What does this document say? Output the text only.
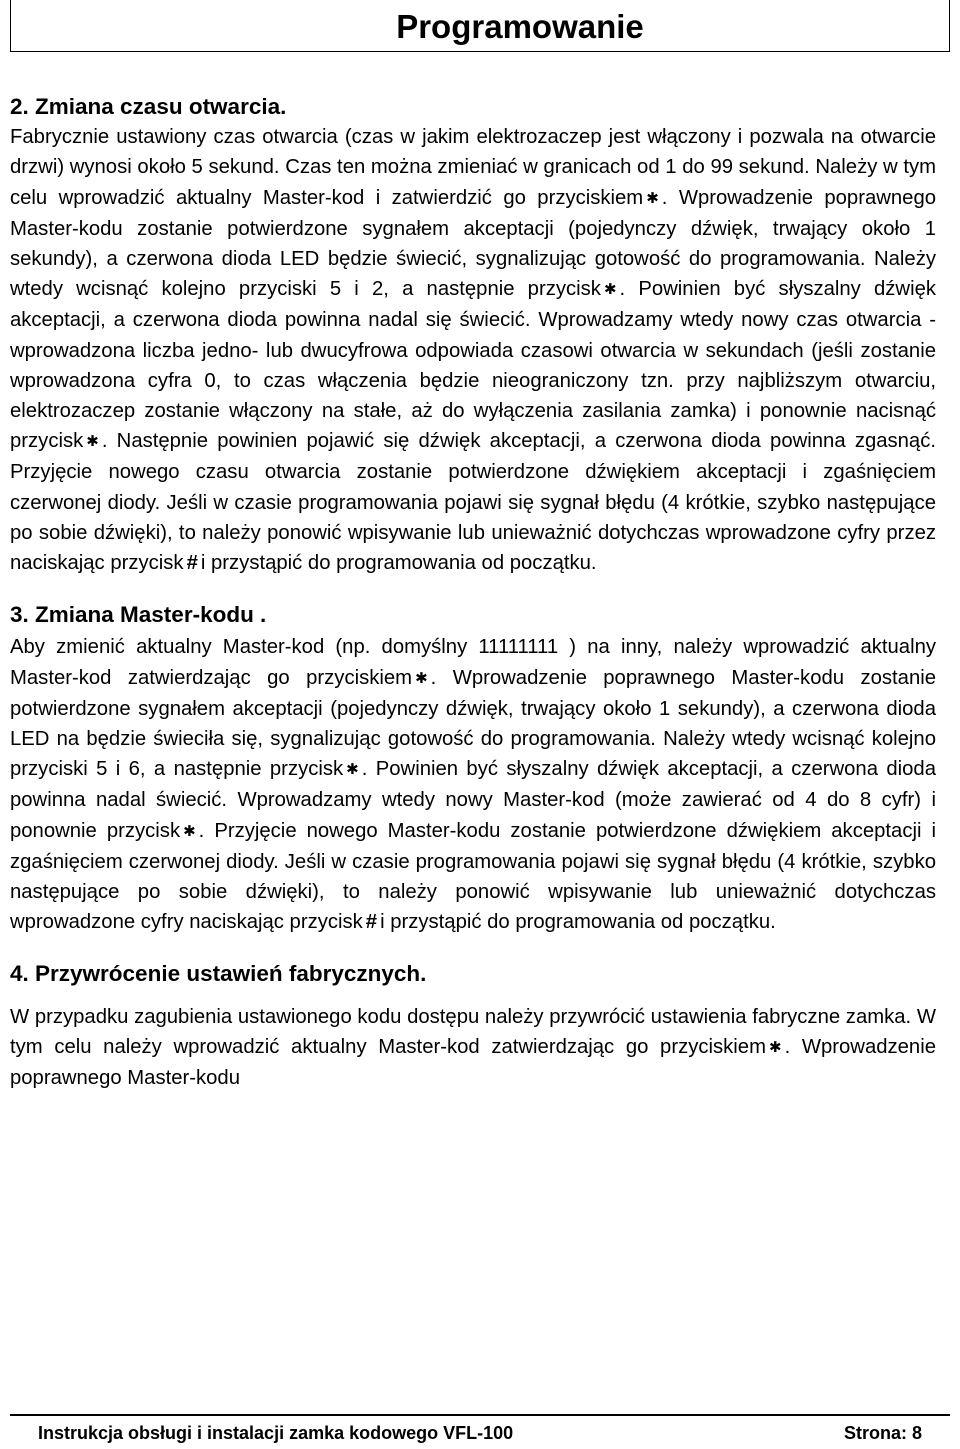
Programowanie
2. Zmiana czasu otwarcia.

Fabrycznie ustawiony czas otwarcia (czas w jakim elektrozaczep jest włączony i pozwala na otwarcie drzwi) wynosi około 5 sekund. Czas ten można zmieniać w granicach od 1 do 99 sekund. Należy w tym celu wprowadzić aktualny Master-kod i zatwierdzić go przyciskiem ✱ . Wprowadzenie poprawnego Master-kodu zostanie potwierdzone sygnałem akceptacji (pojedynczy dźwięk, trwający około 1 sekundy), a czerwona dioda LED będzie świecić, sygnalizując gotowość do programowania. Należy wtedy wcisnąć kolejno przyciski 5 i 2, a następnie przycisk ✱ . Powinien być słyszalny dźwięk akceptacji, a czerwona dioda powinna nadal się świecić. Wprowadzamy wtedy nowy czas otwarcia - wprowadzona liczba jedno- lub dwucyfrowa odpowiada czasowi otwarcia w sekundach (jeśli zostanie wprowadzona cyfra 0, to czas włączenia będzie nieograniczony tzn. przy najbliższym otwarciu, elektrozaczep zostanie włączony na stałe, aż do wyłączenia zasilania zamka) i ponownie nacisnąć przycisk ✱ . Następnie powinien pojawić się dźwięk akceptacji, a czerwona dioda powinna zgasnąć. Przyjęcie nowego czasu otwarcia zostanie potwierdzone dźwiękiem akceptacji i zgaśnięciem czerwonej diody. Jeśli w czasie programowania pojawi się sygnał błędu (4 krótkie, szybko następujące po sobie dźwięki), to należy ponowić wpisywanie lub unieważnić dotychczas wprowadzone cyfry przez naciskając przycisk # i przystąpić do programowania od początku.

3. Zmiana Master-kodu .

Aby zmienić aktualny Master-kod (np. domyślny 11111111 ) na inny, należy wprowadzić aktualny Master-kod zatwierdzając go przyciskiem ✱ . Wprowadzenie poprawnego Master-kodu zostanie potwierdzone sygnałem akceptacji (pojedynczy dźwięk, trwający około 1 sekundy), a czerwona dioda LED na będzie świeciła się, sygnalizując gotowość do programowania. Należy wtedy wcisnąć kolejno przyciski 5 i 6, a następnie przycisk ✱ . Powinien być słyszalny dźwięk akceptacji, a czerwona dioda powinna nadal świecić. Wprowadzamy wtedy nowy Master-kod (może zawierać od 4 do 8 cyfr) i ponownie przycisk ✱ . Przyjęcie nowego Master-kodu zostanie potwierdzone dźwiękiem akceptacji i zgaśnięciem czerwonej diody. Jeśli w czasie programowania pojawi się sygnał błędu (4 krótkie, szybko następujące po sobie dźwięki), to należy ponowić wpisywanie lub unieważnić dotychczas wprowadzone cyfry naciskając przycisk # i przystąpić do programowania od początku.

4. Przywrócenie ustawień fabrycznych.

W przypadku zagubienia ustawionego kodu dostępu należy przywrócić ustawienia fabryczne zamka. W tym celu należy wprowadzić aktualny Master-kod zatwierdzając go przyciskiem ✱ . Wprowadzenie poprawnego Master-kodu

Instrukcja obsługi i instalacji zamka kodowego VFL-100	Strona: 8
